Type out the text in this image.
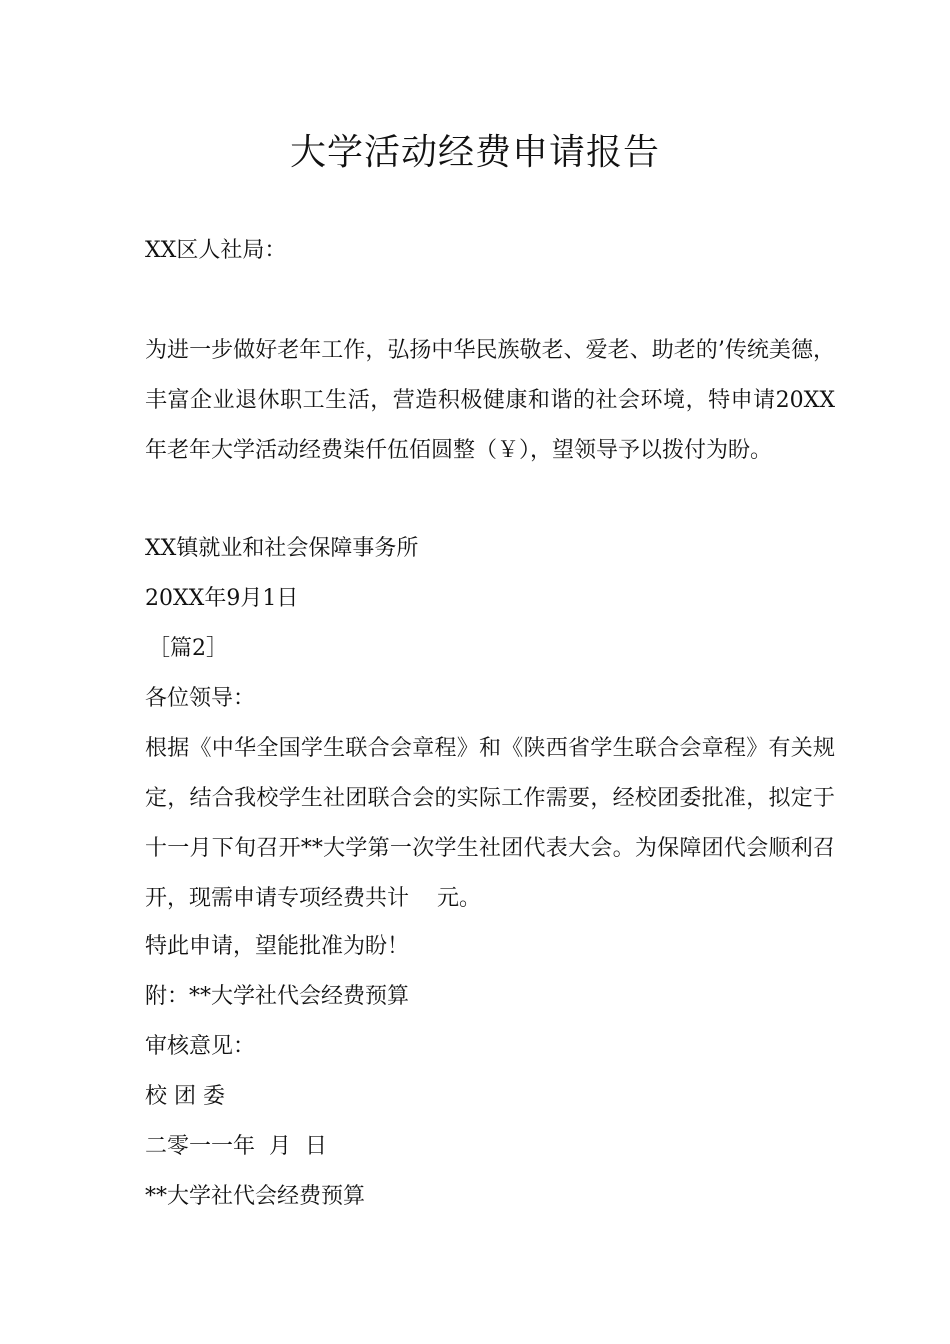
大学活动经费申请报告

XX区人社局：

为进一步做好老年工作，弘扬中华民族敬老、爱老、助老的’传统美德，丰富企业退休职工生活，营造积极健康和谐的社会环境，特申请20XX年老年大学活动经费柒仟伍佰圆整（￥），望领导予以拨付为盼。

XX镇就业和社会保障事务所

20XX年9月1日

［篇2］

各位领导：

根据《中华全国学生联合会章程》和《陕西省学生联合会章程》有关规定，结合我校学生社团联合会的实际工作需要，经校团委批准，拟定于十一月下旬召开**大学第一次学生社团代表大会。为保障团代会顺利召开，现需申请专项经费共计    元。

特此申请，望能批准为盼！

附：**大学社代会经费预算

审核意见：

校 团 委

二零一一年  月  日

**大学社代会经费预算
